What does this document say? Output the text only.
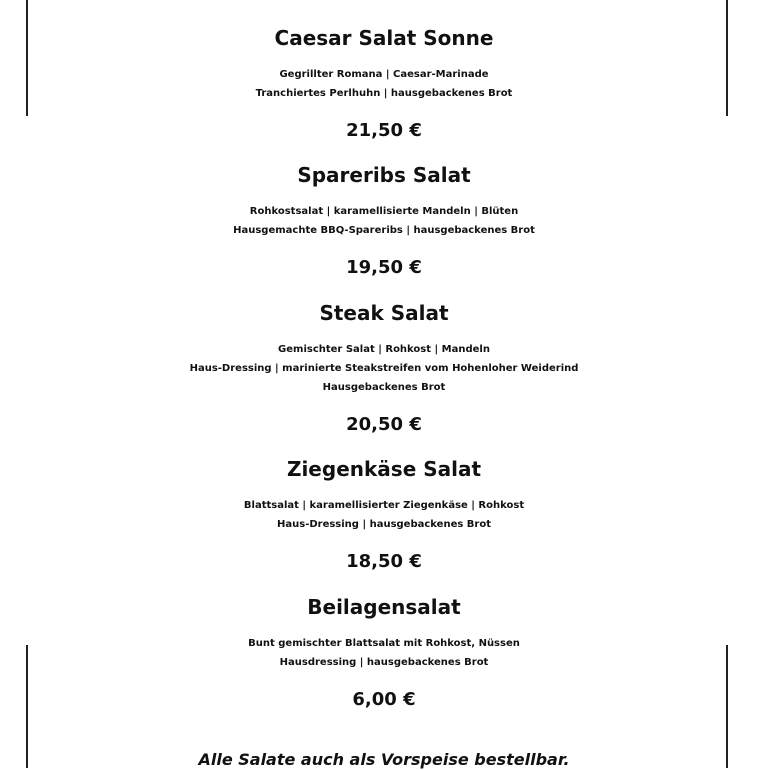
Caesar Salat Sonne
Gegrillter Romana | Caesar-Marinade
Tranchiertes Perlhuhn | hausgebackenes Brot
21,50 €
Spareribs Salat
Rohkostsalat | karamellisierte Mandeln | Blüten
Hausgemachte BBQ-Spareribs | hausgebackenes Brot
19,50 €
Steak Salat
Gemischter Salat | Rohkost | Mandeln
Haus-Dressing | marinierte Steakstreifen vom Hohenloher Weiderind
Hausgebackenes Brot
20,50 €
Ziegenkäse Salat
Blattsalat | karamellisierter Ziegenkäse | Rohkost
Haus-Dressing | hausgebackenes Brot
18,50 €
Beilagensalat
Bunt gemischter Blattsalat mit Rohkost, Nüssen
Hausdressing | hausgebackenes Brot
6,00 €
Alle Salate auch als Vorspeise bestellbar.
